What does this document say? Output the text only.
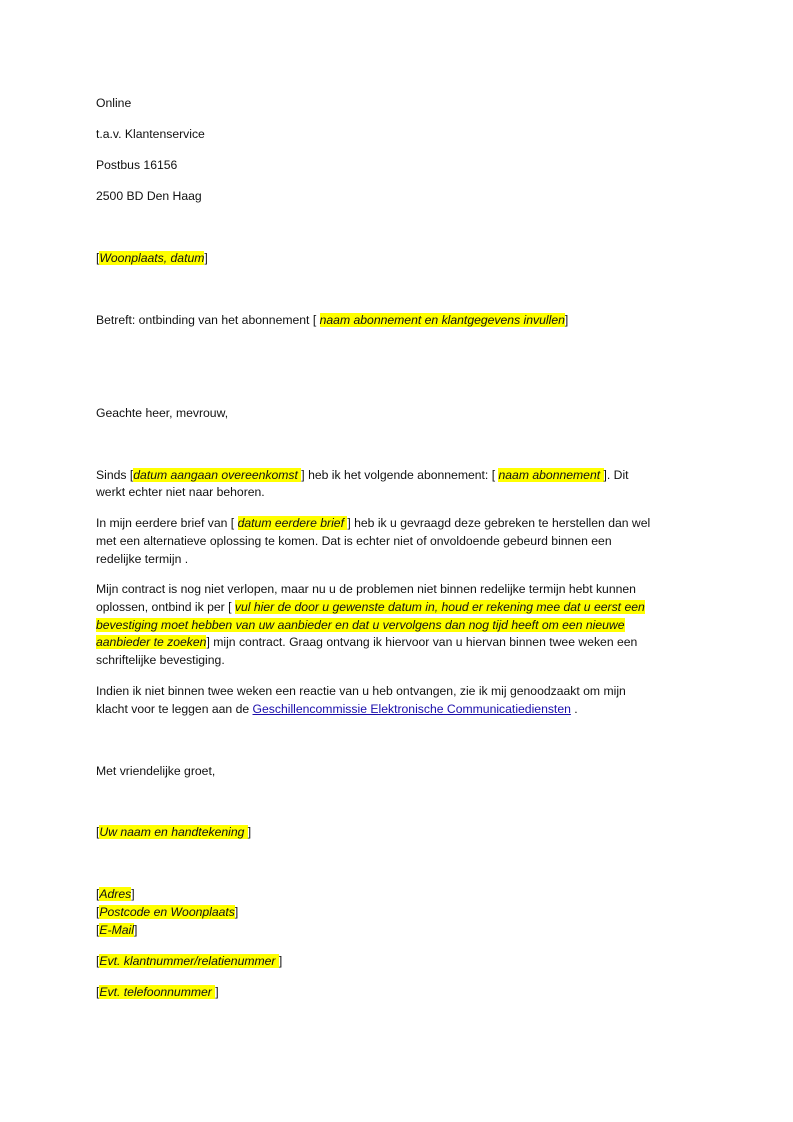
Online
t.a.v. Klantenservice
Postbus 16156
2500 BD Den Haag
[Woonplaats, datum]
Betreft: ontbinding van het abonnement [ naam abonnement en klantgegevens invullen]
Geachte heer, mevrouw,
Sinds [datum aangaan overeenkomst ] heb ik het volgende abonnement: [ naam abonnement ]. Dit
werkt echter niet naar behoren.
In mijn eerdere brief van [ datum eerdere brief ] heb ik u gevraagd deze gebreken te herstellen dan wel
met een alternatieve oplossing te komen. Dat is echter niet of onvoldoende gebeurd binnen een
redelijke termijn .
Mijn contract is nog niet verlopen, maar nu u de problemen niet binnen redelijke termijn hebt kunnen
oplossen, ontbind ik per [ vul hier de door u gewenste datum in, houd er rekening mee dat u eerst een
bevestiging moet hebben van uw aanbieder en dat u vervolgens dan nog tijd heeft om een nieuwe
aanbieder te zoeken] mijn contract. Graag ontvang ik hiervoor van u hiervan binnen twee weken een
schriftelijke bevestiging.
Indien ik niet binnen twee weken een reactie van u heb ontvangen, zie ik mij genoodzaakt om mijn
klacht voor te leggen aan de Geschillencommissie Elektronische Communicatiediensten .
Met vriendelijke groet,
[Uw naam en handtekening ]
[Adres]
[Postcode en Woonplaats]
[E-Mail]
[Evt. klantnummer/relatienummer ]
[Evt. telefoonnummer ]
